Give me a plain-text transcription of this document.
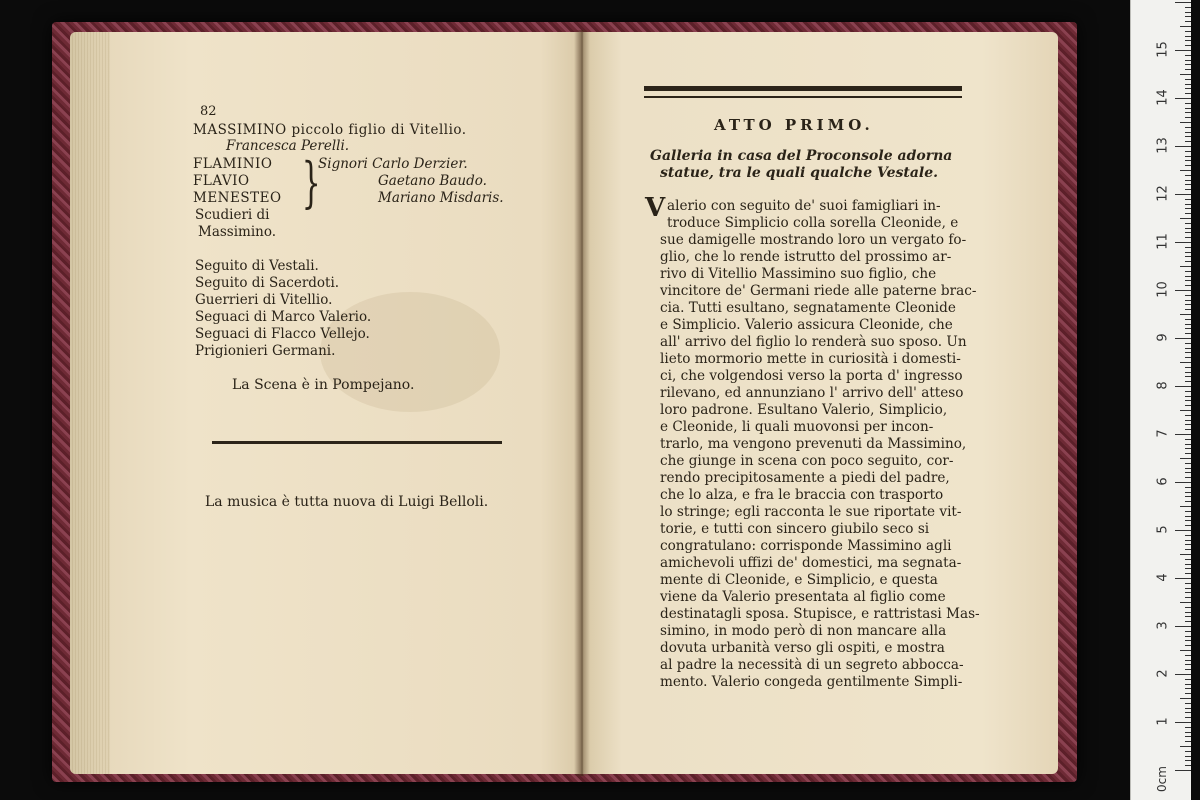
82
MASSIMINO piccolo figlio di Vitellio.
Francesca Perelli.
FLAMINIO	Signori Carlo Derzier.
FLAVIO	Gaetano Baudo.
MENESTEO	Mariano Misdaris.
Scudieri di
Massimino.
}
Seguito di Vestali.
Seguito di Sacerdoti.
Guerrieri di Vitellio.
Seguaci di Marco Valerio.
Seguaci di Flacco Vellejo.
Prigionieri Germani.
La Scena è in Pompejano.
La musica è tutta nuova di Luigi Belloli.
ATTO PRIMO.
Galleria in casa del Proconsole adorna
statue, tra le quali qualche Vestale.
V alerio con seguito de' suoi famigliari in-
troduce Simplicio colla sorella Cleonide, e
sue damigelle mostrando loro un vergato fo-
glio, che lo rende istrutto del prossimo ar-
rivo di Vitellio Massimino suo figlio, che
vincitore de' Germani riede alle paterne brac-
cia. Tutti esultano, segnatamente Cleonide
e Simplicio. Valerio assicura Cleonide, che
all' arrivo del figlio lo renderà suo sposo. Un
lieto mormorio mette in curiosità i domesti-
ci, che volgendosi verso la porta d' ingresso
rilevano, ed annunziano l' arrivo dell' atteso
loro padrone. Esultano Valerio, Simplicio,
e Cleonide, li quali muovonsi per incon-
trarlo, ma vengono prevenuti da Massimino,
che giunge in scena con poco seguito, cor-
rendo precipitosamente a piedi del padre,
che lo alza, e fra le braccia con trasporto
lo stringe; egli racconta le sue riportate vit-
torie, e tutti con sincero giubilo seco si
congratulano: corrisponde Massimino agli
amichevoli uffizi de' domestici, ma segnata-
mente di Cleonide, e Simplicio, e questa
viene da Valerio presentata al figlio come
destinatagli sposa. Stupisce, e rattristasi Mas-
simino, in modo però di non mancare alla
dovuta urbanità verso gli ospiti, e mostra
al padre la necessità di un segreto abbocca-
mento. Valerio congeda gentilmente Simpli-
0cm
1
2
3
4
5
6
7
8
9
10
11
12
13
14
15
